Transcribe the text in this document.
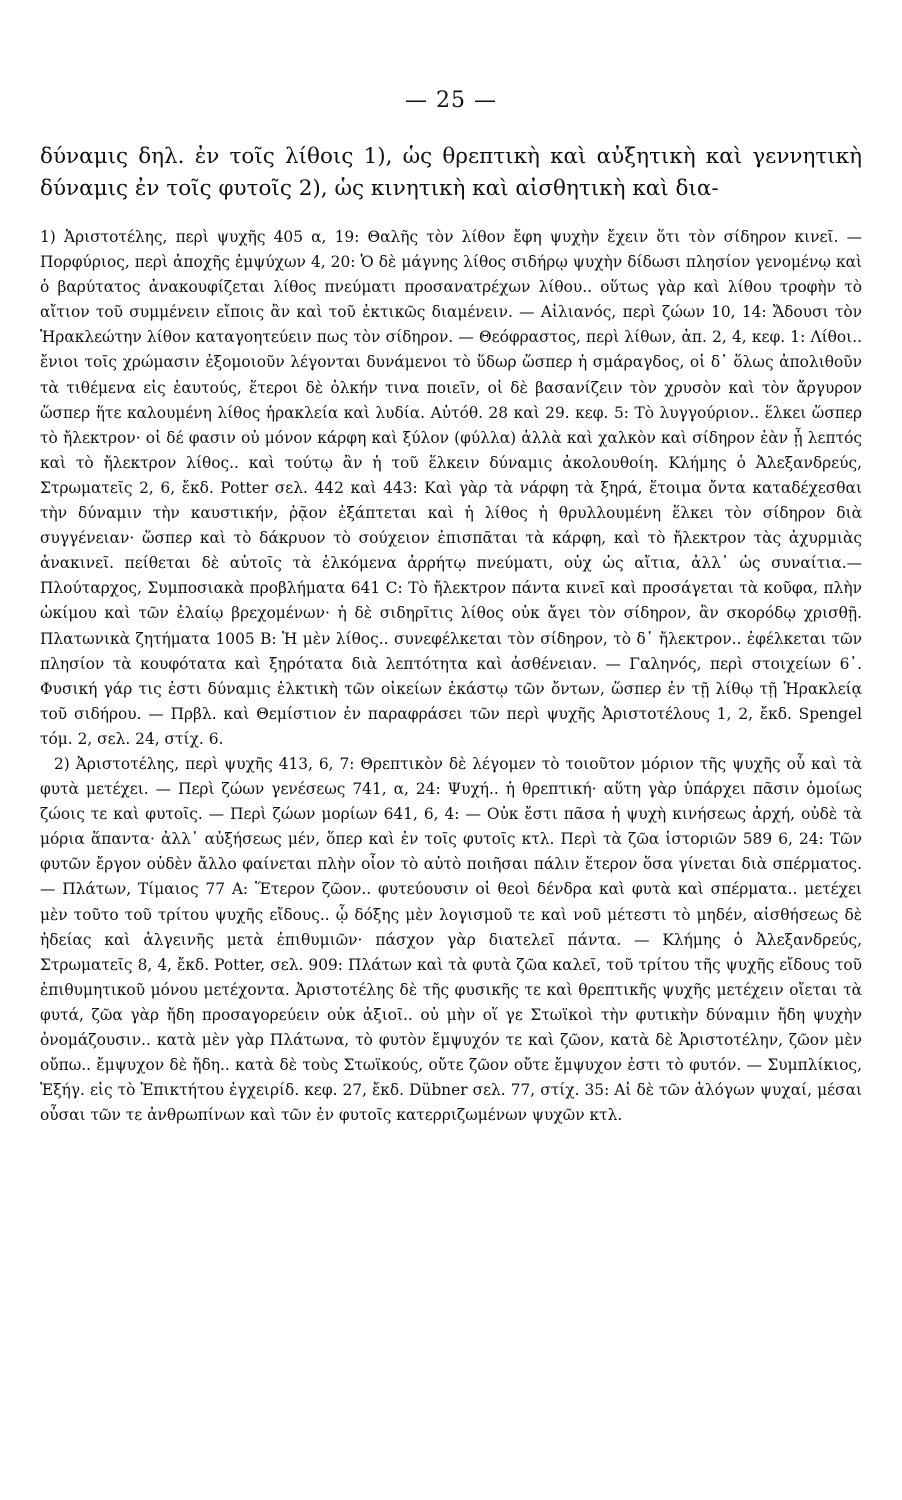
— 25 —

δύναμις δηλ. ἐν τοῖς λίθοις 1), ὡς θρεπτικὴ καὶ αὐξητικὴ καὶ γεννητικὴ δύναμις ἐν τοῖς φυτοῖς 2), ὡς κινητικὴ καὶ αἰσθητικὴ καὶ δια-

1) Ἀριστοτέλης, περὶ ψυχῆς 405 α, 19: Θαλῆς τὸν λίθον ἔφη ψυχὴν ἔχειν ὅτι τὸν σίδηρον κινεῖ. — Πορφύριος, περὶ ἀποχῆς ἐμψύχων 4, 20: Ὁ δὲ μάγνης λίθος σιδήρῳ ψυχὴν δίδωσι πλησίον γενομένῳ καὶ ὁ βαρύτατος ἀνακουφίζεται λίθος πνεύματι προσανατρέχων λίθου.. οὕτως γὰρ καὶ λίθου τροφὴν τὸ αἴτιον τοῦ συμμένειν εἴποις ἂν καὶ τοῦ ἐκτικῶς διαμένειν. — Αἰλιανός, περὶ ζώων 10, 14: Ἄδουσι τὸν Ἡρακλεώτην λίθον καταγοητεύειν πως τὸν σίδηρον. — Θεόφραστος, περὶ λίθων, ἀπ. 2, 4, κεφ. 1: Λίθοι.. ἔνιοι τοῖς χρώμασιν ἐξομοιοῦν λέγονται δυνάμενοι τὸ ὕδωρ ὥσπερ ἡ σμάραγδος, οἱ δ᾽ ὅλως ἀπολιθοῦν τὰ τιθέμενα εἰς ἑαυτούς, ἕτεροι δὲ ὁλκήν τινα ποιεῖν, οἱ δὲ βασανίζειν τὸν χρυσὸν καὶ τὸν ἄργυρον ὥσπερ ἥτε καλουμένη λίθος ἡρακλεία καὶ λυδία. Αὐτόθ. 28 καὶ 29. κεφ. 5: Τὸ λυγγούριον.. ἕλκει ὥσπερ τὸ ἤλεκτρον· οἱ δέ φασιν οὐ μόνον κάρφη καὶ ξύλον (φύλλα) ἀλλὰ καὶ χαλκὸν καὶ σίδηρον ἐὰν ᾖ λεπτός καὶ τὸ ἤλεκτρον λίθος.. καὶ τούτῳ ἂν ἡ τοῦ ἕλκειν δύναμις ἀκολουθοίη. Κλήμης ὁ Ἀλεξανδρεύς, Στρωματεῖς 2, 6, ἔκδ. Potter σελ. 442 καὶ 443: Καὶ γὰρ τὰ νάρφη τὰ ξηρά, ἕτοιμα ὄντα καταδέχεσθαι τὴν δύναμιν τὴν καυστικήν, ῥᾷον ἐξάπτεται καὶ ἡ λίθος ἡ θρυλλουμένη ἕλκει τὸν σίδηρον διὰ συγγένειαν· ὥσπερ καὶ τὸ δάκρυον τὸ σούχειον ἐπισπᾶται τὰ κάρφη, καὶ τὸ ἤλεκτρον τὰς ἀχυρμιὰς ἀνακινεῖ. πείθεται δὲ αὐτοῖς τὰ ἑλκόμενα ἀρρήτῳ πνεύματι, οὐχ ὡς αἴτια, ἀλλ᾽ ὡς συναίτια.—Πλούταρχος, Συμποσιακὰ προβλήματα 641 C: Τὸ ἤλεκτρον πάντα κινεῖ καὶ προσάγεται τὰ κοῦφα, πλὴν ὠκίμου καὶ τῶν ἐλαίῳ βρεχομένων· ἡ δὲ σιδηρῖτις λίθος οὐκ ἄγει τὸν σίδηρον, ἂν σκορόδῳ χρισθῇ. Πλατωνικὰ ζητήματα 1005 Β: Ἡ μὲν λίθος.. συνεφέλκεται τὸν σίδηρον, τὸ δ᾽ ἤλεκτρον.. ἐφέλκεται τῶν πλησίον τὰ κουφότατα καὶ ξηρότατα διὰ λεπτότητα καὶ ἀσθένειαν. — Γαληνός, περὶ στοιχείων 6᾽. Φυσική γάρ τις ἐστι δύναμις ἑλκτικὴ τῶν οἰκείων ἑκάστῳ τῶν ὄντων, ὥσπερ ἐν τῇ λίθῳ τῇ Ἡρακλείᾳ τοῦ σιδήρου. — Πρβλ. καὶ Θεμίστιον ἐν παραφράσει τῶν περὶ ψυχῆς Ἀριστοτέλους 1, 2, ἔκδ. Spengel τόμ. 2, σελ. 24, στίχ. 6.

2) Ἀριστοτέλης, περὶ ψυχῆς 413, 6, 7: Θρεπτικὸν δὲ λέγομεν τὸ τοιοῦτον μόριον τῆς ψυχῆς οὗ καὶ τὰ φυτὰ μετέχει. — Περὶ ζώων γενέσεως 741, α, 24: Ψυχή.. ἡ θρεπτική· αὕτη γὰρ ὑπάρχει πᾶσιν ὁμοίως ζώοις τε καὶ φυτοῖς. — Περὶ ζώων μορίων 641, 6, 4: — Οὐκ ἔστι πᾶσα ἡ ψυχὴ κινήσεως ἀρχή, οὐδὲ τὰ μόρια ἅπαντα· ἀλλ᾽ αὐξήσεως μέν, ὅπερ καὶ ἐν τοῖς φυτοῖς κτλ. Περὶ τὰ ζῶα ἱστοριῶν 589 6, 24: Τῶν φυτῶν ἔργον οὐδὲν ἄλλο φαίνεται πλὴν οἷον τὸ αὐτὸ ποιῆσαι πάλιν ἕτερον ὅσα γίνεται διὰ σπέρματος. — Πλάτων, Τίμαιος 77 Α: Ἕτερον ζῶον.. φυτεύουσιν οἱ θεοὶ δένδρα καὶ φυτὰ καὶ σπέρματα.. μετέχει μὲν τοῦτο τοῦ τρίτου ψυχῆς εἴδους.. ᾧ δόξης μὲν λογισμοῦ τε καὶ νοῦ μέτεστι τὸ μηδέν, αἰσθήσεως δὲ ἡδείας καὶ ἀλγεινῆς μετὰ ἐπιθυμιῶν· πάσχον γὰρ διατελεῖ πάντα. — Κλήμης ὁ Ἀλεξανδρεύς, Στρωματεῖς 8, 4, ἔκδ. Potter, σελ. 909: Πλάτων καὶ τὰ φυτὰ ζῶα καλεῖ, τοῦ τρίτου τῆς ψυχῆς εἴδους τοῦ ἐπιθυμητικοῦ μόνου μετέχοντα. Ἀριστοτέλης δὲ τῆς φυσικῆς τε καὶ θρεπτικῆς ψυχῆς μετέχειν οἴεται τὰ φυτά, ζῶα γὰρ ἤδη προσαγορεύειν οὐκ ἀξιοῖ.. οὐ μὴν οἵ γε Στωϊκοὶ τὴν φυτικὴν δύναμιν ἤδη ψυχὴν ὀνομάζουσιν.. κατὰ μὲν γὰρ Πλάτωνα, τὸ φυτὸν ἔμψυχόν τε καὶ ζῶον, κατὰ δὲ Ἀριστοτέλην, ζῶον μὲν οὔπω.. ἔμψυχον δὲ ἤδη.. κατὰ δὲ τοὺς Στωϊκούς, οὔτε ζῶον οὔτε ἔμψυχον ἐστι τὸ φυτόν. — Συμπλίκιος, Ἐξήγ. εἰς τὸ Ἐπικτήτου ἐγχειρίδ. κεφ. 27, ἔκδ. Dübner σελ. 77, στίχ. 35: Αἱ δὲ τῶν ἀλόγων ψυχαί, μέσαι οὖσαι τῶν τε ἀνθρωπίνων καὶ τῶν ἐν φυτοῖς κατερριζωμένων ψυχῶν κτλ.
